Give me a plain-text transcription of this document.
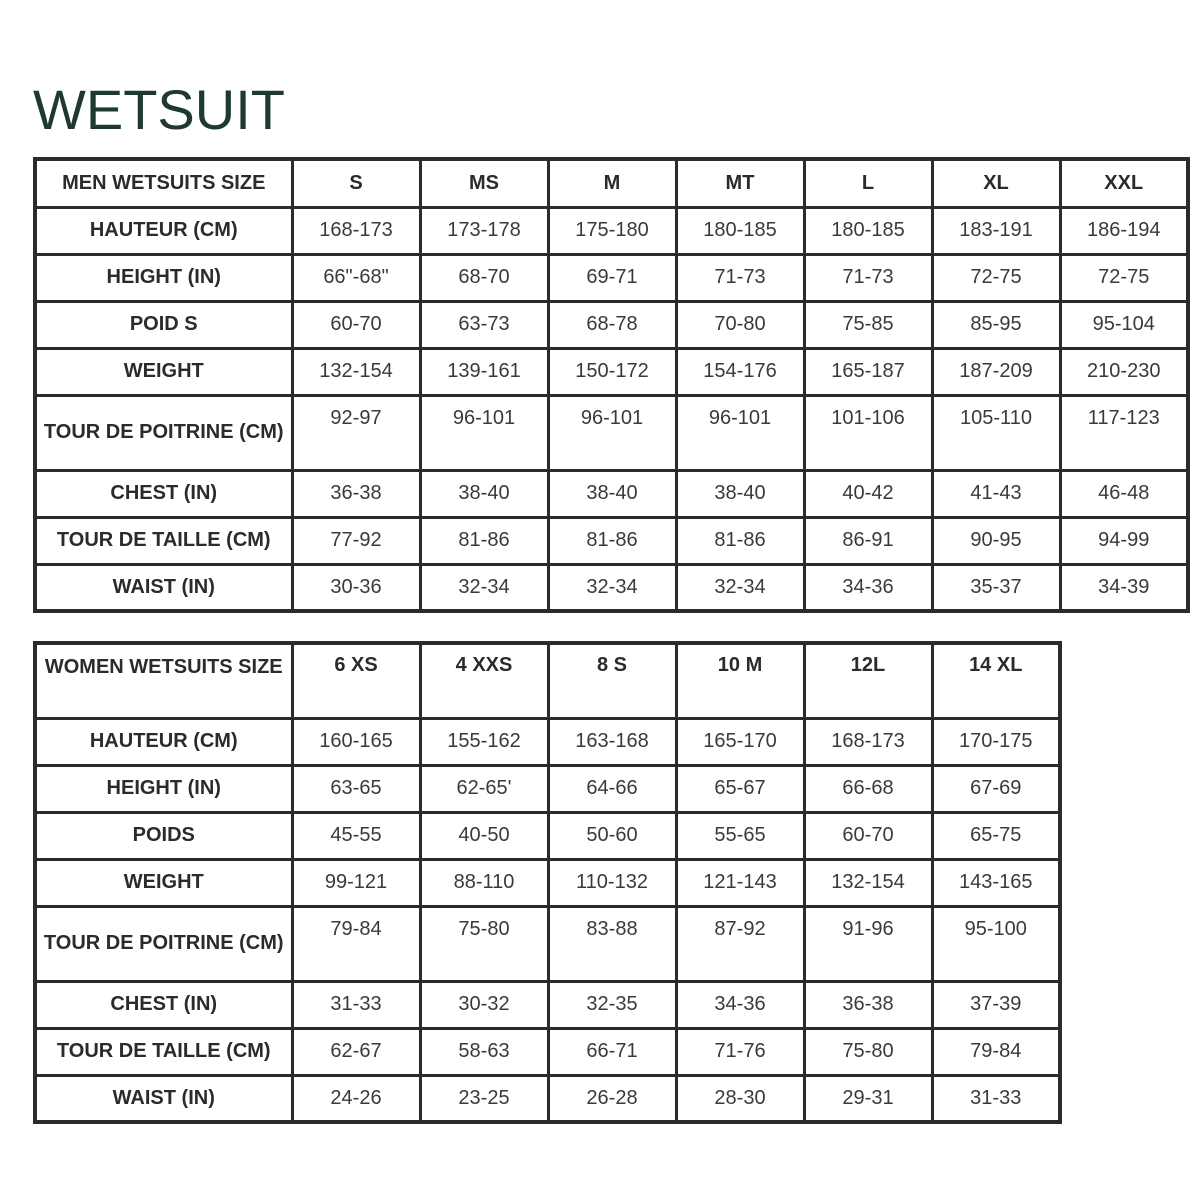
WETSUIT
MEN WETSUITS SIZE	S	MS	M	MT	L	XL	XXL
HAUTEUR (CM)	168-173	173-178	175-180	180-185	180-185	183-191	186-194
HEIGHT (IN)	66"-68"	68-70	69-71	71-73	71-73	72-75	72-75
POID S	60-70	63-73	68-78	70-80	75-85	85-95	95-104
WEIGHT	132-154	139-161	150-172	154-176	165-187	187-209	210-230
TOUR DE POITRINE (CM)	92-97	96-101	96-101	96-101	101-106	105-110	117-123
CHEST (IN)	36-38	38-40	38-40	38-40	40-42	41-43	46-48
TOUR DE TAILLE (CM)	77-92	81-86	81-86	81-86	86-91	90-95	94-99
WAIST (IN)	30-36	32-34	32-34	32-34	34-36	35-37	34-39
WOMEN WETSUITS SIZE	6 XS	4 XXS	8 S	10 M	12L	14 XL
HAUTEUR (CM)	160-165	155-162	163-168	165-170	168-173	170-175
HEIGHT (IN)	63-65	62-65'	64-66	65-67	66-68	67-69
POIDS	45-55	40-50	50-60	55-65	60-70	65-75
WEIGHT	99-121	88-110	110-132	121-143	132-154	143-165
TOUR DE POITRINE (CM)	79-84	75-80	83-88	87-92	91-96	95-100
CHEST (IN)	31-33	30-32	32-35	34-36	36-38	37-39
TOUR DE TAILLE (CM)	62-67	58-63	66-71	71-76	75-80	79-84
WAIST (IN)	24-26	23-25	26-28	28-30	29-31	31-33
